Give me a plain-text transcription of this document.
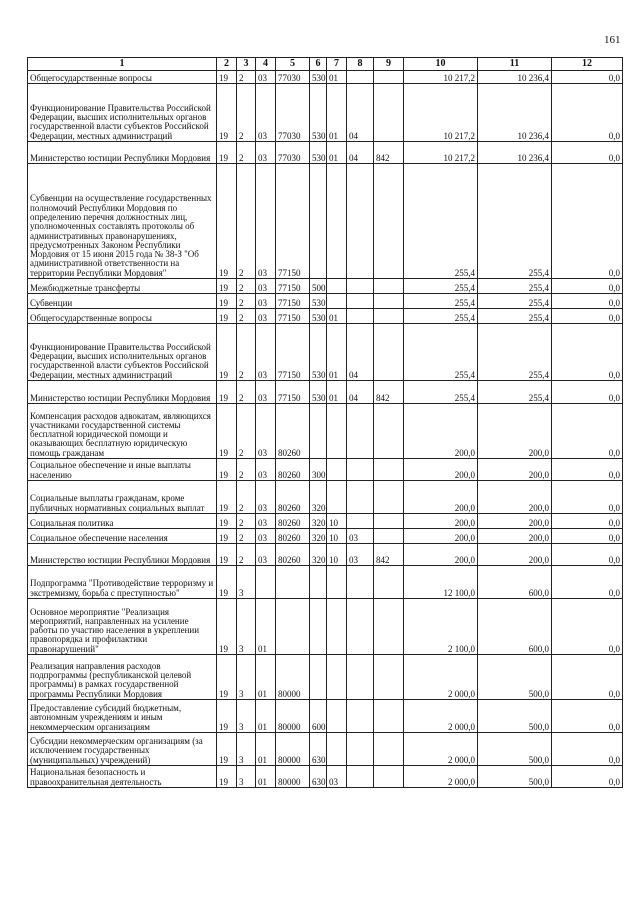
161
1	2	3	4	5	6	7	8	9	10	11	12
Общегосударственные вопросы	19	2	03	77030	530	01			10 217,2	10 236,4	0,0
Функционирование Правительства Российской Федерации, высших исполнительных органов государственной власти субъектов Российской Федерации, местных администраций	19	2	03	77030	530	01	04		10 217,2	10 236,4	0,0
Министерство юстиции Республики Мордовия	19	2	03	77030	530	01	04	842	10 217,2	10 236,4	0,0
Субвенции на осуществление государственных полномочий Республики Мордовия по определению перечня должностных лиц, уполномоченных составлять протоколы об административных правонарушениях, предусмотренных Законом Республики Мордовия от 15 июня 2015 года № 38-З "Об административной ответственности на территории Республики Мордовия"	19	2	03	77150					255,4	255,4	0,0
Межбюджетные трансферты	19	2	03	77150	500				255,4	255,4	0,0
Субвенции	19	2	03	77150	530				255,4	255,4	0,0
Общегосударственные вопросы	19	2	03	77150	530	01			255,4	255,4	0,0
Функционирование Правительства Российской Федерации, высших исполнительных органов государственной власти субъектов Российской Федерации, местных администраций	19	2	03	77150	530	01	04		255,4	255,4	0,0
Министерство юстиции Республики Мордовия	19	2	03	77150	530	01	04	842	255,4	255,4	0,0
Компенсация расходов адвокатам, являющихся участниками государственной системы бесплатной юридической помощи и оказывающих бесплатную юридическую помощь гражданам	19	2	03	80260					200,0	200,0	0,0
Социальное обеспечение и иные выплаты населению	19	2	03	80260	300				200,0	200,0	0,0
Социальные выплаты гражданам, кроме публичных нормативных социальных выплат	19	2	03	80260	320				200,0	200,0	0,0
Социальная политика	19	2	03	80260	320	10			200,0	200,0	0,0
Социальное обеспечение населения	19	2	03	80260	320	10	03		200,0	200,0	0,0
Министерство юстиции Республики Мордовия	19	2	03	80260	320	10	03	842	200,0	200,0	0,0
Подпрограмма "Противодействие терроризму и экстремизму, борьба с преступностью"	19	3							12 100,0	600,0	0,0
Основное мероприятие "Реализация мероприятий, направленных на усиление работы по участию населения в укреплении правопорядка и профилактики правонарушений"	19	3	01						2 100,0	600,0	0,0
Реализация направления расходов подпрограммы (республиканской целевой программы) в рамках государственной программы Республики Мордовия	19	3	01	80000					2 000,0	500,0	0,0
Предоставление субсидий бюджетным, автономным учреждениям и иным некоммерческим организациям	19	3	01	80000	600				2 000,0	500,0	0,0
Субсидии некоммерческим организациям (за исключением государственных (муниципальных) учреждений)	19	3	01	80000	630				2 000,0	500,0	0,0
Национальная безопасность и правоохранительная деятельность	19	3	01	80000	630	03			2 000,0	500,0	0,0
